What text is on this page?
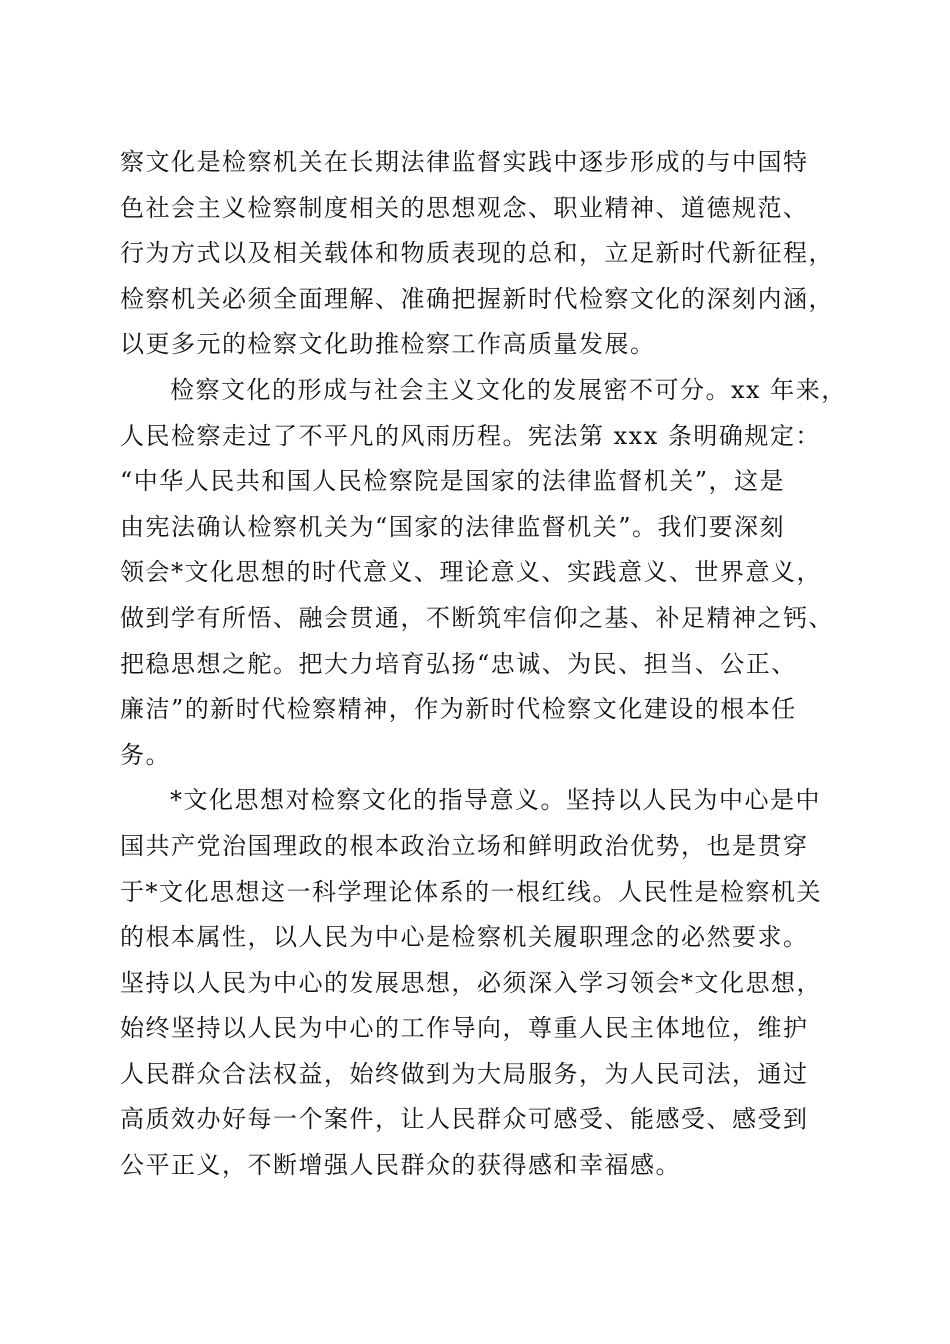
察文化是检察机关在长期法律监督实践中逐步形成的与中国特
色社会主义检察制度相关的思想观念、职业精神、道德规范、
行为方式以及相关载体和物质表现的总和，立足新时代新征程，
检察机关必须全面理解、准确把握新时代检察文化的深刻内涵，
以更多元的检察文化助推检察工作高质量发展。
检察文化的形成与社会主义文化的发展密不可分。xx 年来，
人民检察走过了不平凡的风雨历程。宪法第 xxx 条明确规定：
“中华人民共和国人民检察院是国家的法律监督机关”，这是
由宪法确认检察机关为“国家的法律监督机关”。我们要深刻
领会*文化思想的时代意义、理论意义、实践意义、世界意义，
做到学有所悟、融会贯通，不断筑牢信仰之基、补足精神之钙、
把稳思想之舵。把大力培育弘扬“忠诚、为民、担当、公正、
廉洁”的新时代检察精神，作为新时代检察文化建设的根本任
务。
*文化思想对检察文化的指导意义。坚持以人民为中心是中
国共产党治国理政的根本政治立场和鲜明政治优势，也是贯穿
于*文化思想这一科学理论体系的一根红线。人民性是检察机关
的根本属性，以人民为中心是检察机关履职理念的必然要求。
坚持以人民为中心的发展思想，必须深入学习领会*文化思想，
始终坚持以人民为中心的工作导向，尊重人民主体地位，维护
人民群众合法权益，始终做到为大局服务，为人民司法，通过
高质效办好每一个案件，让人民群众可感受、能感受、感受到
公平正义，不断增强人民群众的获得感和幸福感。
